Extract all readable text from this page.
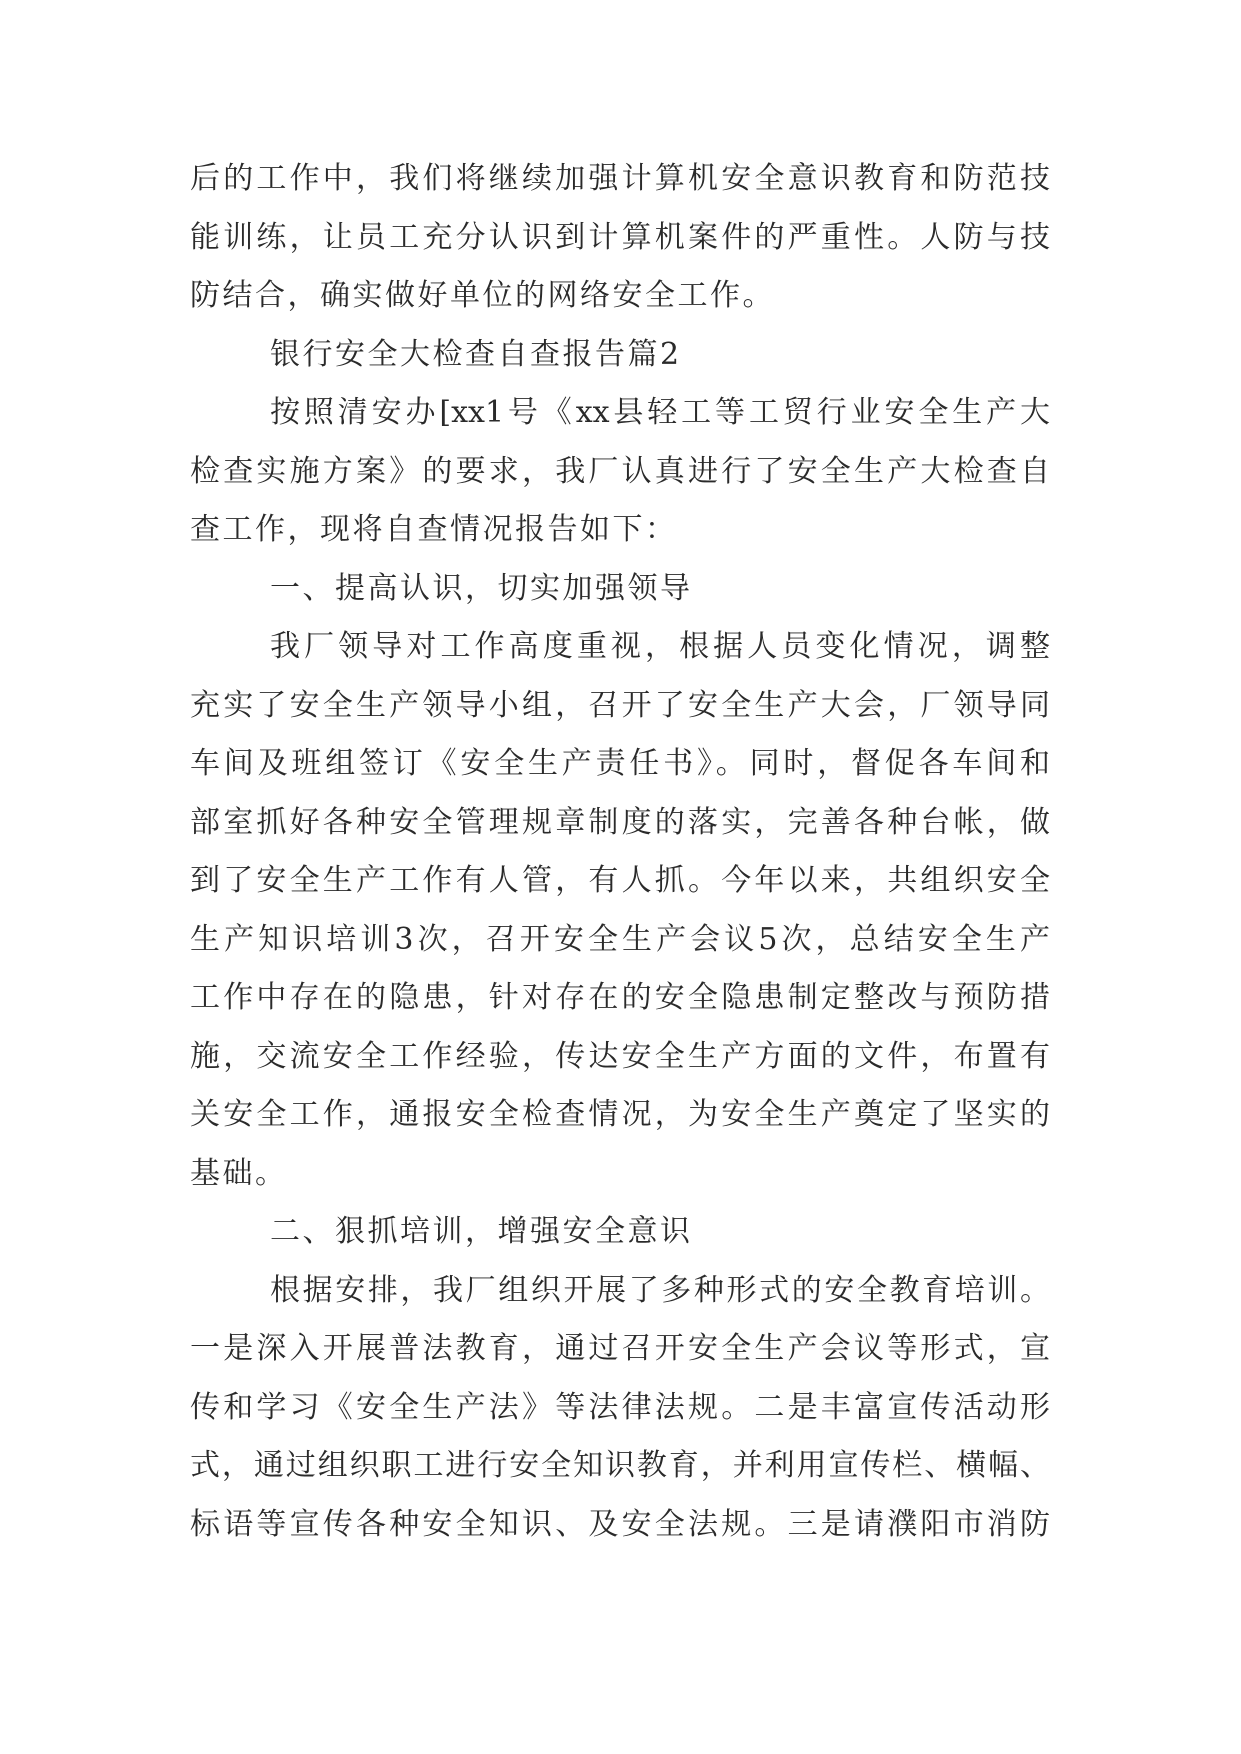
后的工作中，我们将继续加强计算机安全意识教育和防范技
能训练，让员工充分认识到计算机案件的严重性。人防与技
防结合，确实做好单位的网络安全工作。
银行安全大检查自查报告篇2
按照清安办[xx1号《xx县轻工等工贸行业安全生产大
检查实施方案》的要求，我厂认真进行了安全生产大检查自
查工作，现将自查情况报告如下：
一、提高认识，切实加强领导
我厂领导对工作高度重视，根据人员变化情况，调整
充实了安全生产领导小组，召开了安全生产大会，厂领导同
车间及班组签订《安全生产责任书》。同时，督促各车间和
部室抓好各种安全管理规章制度的落实，完善各种台帐，做
到了安全生产工作有人管，有人抓。今年以来，共组织安全
生产知识培训3次，召开安全生产会议5次，总结安全生产
工作中存在的隐患，针对存在的安全隐患制定整改与预防措
施，交流安全工作经验，传达安全生产方面的文件，布置有
关安全工作，通报安全检查情况，为安全生产奠定了坚实的
基础。
二、狠抓培训，增强安全意识
根据安排，我厂组织开展了多种形式的安全教育培训。
一是深入开展普法教育，通过召开安全生产会议等形式，宣
传和学习《安全生产法》等法律法规。二是丰富宣传活动形
式，通过组织职工进行安全知识教育，并利用宣传栏、横幅、
标语等宣传各种安全知识、及安全法规。三是请濮阳市消防
